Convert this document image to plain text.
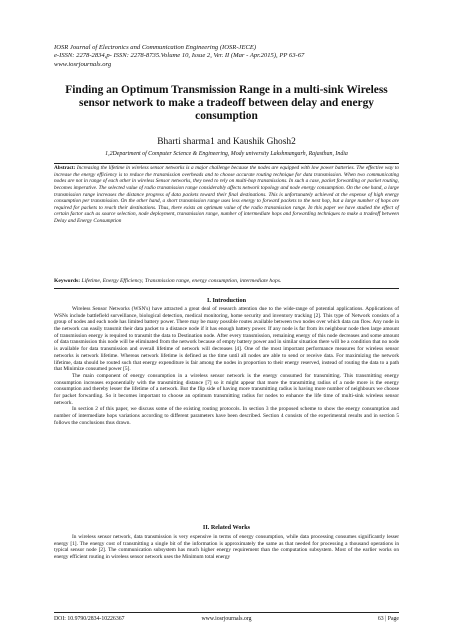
IOSR Journal of Electronics and Communication Engineering (IOSR-JECE)
e-ISSN: 2278-2834,p- ISSN: 2278-8735.Volume 10, Issue 2, Ver. II (Mar - Apr.2015), PP 63-67
www.iosrjournals.org
Finding an Optimum Transmission Range in a multi-sink Wireless sensor network to make a tradeoff between delay and energy consumption
Bharti sharma1 and Kaushik Ghosh2
1,2Department of Computer Science & Engineering, Mody university Lakshmangarh, Rajasthan, India
Abstract: Increasing the lifetime in wireless sensor networks is a major challenge because the nodes are equipped with low power batteries. The effective way to increase the energy efficiency is to reduce the transmission overheads and to choose accurate routing technique for data transmission. When two communicating nodes are not in range of each other in wireless Sensor networks, they need to rely on multi-hop transmissions. In such a case, packet forwarding or packet routing, becomes imperative. The selected value of radio transmission range considerably affects network topology and node energy consumption. On the one hand, a large transmission range increases the distance progress of data packets toward their final destinations. This is unfortunately achieved at the expense of high energy consumption per transmission. On the other hand, a short transmission range uses less energy to forward packets to the next hop, but a large number of hops are required for packets to reach their destinations. Thus, there exists an optimum value of the radio transmission range. In this paper we have studied the effect of certain factor such as source selection, node deployment, transmission range, number of intermediate hops and forwarding techniques to make a tradeoff between Delay and Energy Consumption
Keywords: Lifetime, Energy Efficiency, Transmission range, energy consumption, intermediate hops.
I. Introduction

Wireless Sensor Networks (WSN's) have attracted a great deal of research attention due to the wide-range of potential applications. Applications of WSNs include battlefield surveillance, biological detection, medical monitoring, home security and inventory tracking [2]. This type of Network consists of a group of nodes and each node has limited battery power. There may be many possible routes available between two nodes over which data can flow. Any node in the network can easily transmit their data packet to a distance node if it has enough battery power. If any node is far from its neighbour node then large amount of transmission energy is required to transmit the data to Destination node. After every transmission, remaining energy of this node decreases and some amount of data transmission this node will be eliminated from the network because of empty battery power and in similar situation there will be a condition that no node is available for data transmission and overall lifetime of network will decreases [4]. One of the most important performance measures for wireless sensor networks is network lifetime. Whereas network lifetime is defined as the time until all nodes are able to send or receive data. For maximizing the network lifetime, data should be routed such that energy expenditure is fair among the nodes in proportion to their energy reserved, instead of routing the data to a path that Minimize consumed power [5].

The main component of energy consumption in a wireless sensor network is the energy consumed for transmitting. This transmitting energy consumption increases exponentially with the transmitting distance [7] so it might appear that more the transmitting radius of a node more is the energy consumption and thereby lesser the lifetime of a network. But the flip side of having more transmitting radius is having more number of neighbours we choose for packet forwarding. So it becomes important to choose an optimum transmitting radius for nodes to enhance the life time of multi-sink wireless sensor network.

In section 2 of this paper, we discuss some of the existing routing protocols. In section 3 the proposed scheme to show the energy consumption and number of intermediate hops variations according to different parameters have been described. Section 4 consists of the experimental results and in section 5 follows the conclusions thus drawn.

II. Related Works

In wireless sensor network, data transmission is very expensive in terms of energy consumption, while data processing consumes significantly lesser energy [1]. The energy cost of transmitting a single bit of the information is approximately the same as that needed for processing a thousand operations in typical sensor node [2]. The communication subsystem has much higher energy requirement than the computation subsystem. Most of the earlier works on energy efficient routing in wireless sensor network uses the Minimum total energy

DOI: 10.9790/2834-10226367	www.iosrjournals.org	63 | Page
